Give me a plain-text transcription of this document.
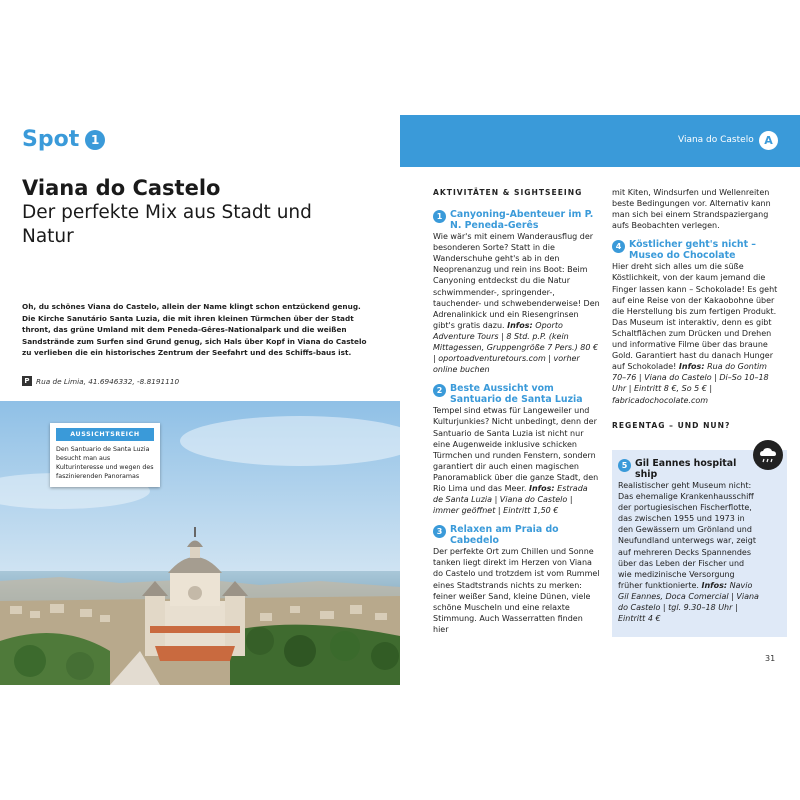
Spot 1
Viana do Castelo
Der perfekte Mix aus Stadt und Natur
Oh, du schönes Viana do Castelo, allein der Name klingt schon entzückend genug. Die Kirche Sanutário Santa Luzia, die mit ihren kleinen Türmchen über der Stadt thront, das grüne Umland mit dem Peneda-Gêres-Nationalpark und die weißen Sandstrände zum Surfen sind Grund genug, sich Hals über Kopf in Viana do Castelo zu verlieben die ein historisches Zentrum der Seefahrt und des Schiffs-baus ist.
P Rua de Limia, 41.6946332, -8.8191110
AUSSICHTSREICH
Den Santuario de Santa Luzia besucht man aus Kulturinteresse und wegen des faszinierenden Panoramas
Viana do Castelo A
AKTIVITÄTEN & SIGHTSEEING
1 Canyoning-Abenteuer im P. N. Peneda-Gerês
Wie wär's mit einem Wanderausflug der besonderen Sorte? Statt in die Wanderschuhe geht's ab in den Neoprenanzug und rein ins Boot: Beim Canyoning entdeckst du die Natur schwimmender-, springender-, tauchender- und schwebenderweise! Den Adrenalinkick und ein Riesengrinsen gibt's gratis dazu. Infos: Oporto Adventure Tours | 8 Std. p.P. (kein Mittagessen, Gruppengröße 7 Pers.) 80 € | oportoadventuretours.com | vorher online buchen
2 Beste Aussicht vom Santuario de Santa Luzia
Tempel sind etwas für Langeweiler und Kulturjunkies? Nicht unbedingt, denn der Santuario de Santa Luzia ist nicht nur eine Augenweide inklusive schicken Türmchen und runden Fenstern, sondern garantiert dir auch einen magischen Panoramablick über die ganze Stadt, den Rio Lima und das Meer. Infos: Estrada de Santa Luzia | Viana do Castelo | immer geöffnet | Eintritt 1,50 €
3 Relaxen am Praia do Cabedelo
Der perfekte Ort zum Chillen und Sonne tanken liegt direkt im Herzen von Viana do Castelo und trotzdem ist vom Rummel eines Stadtstrands nichts zu merken: feiner weißer Sand, kleine Dünen, viele schöne Muscheln und eine relaxte Stimmung. Auch Wasserratten finden hier
mit Kiten, Windsurfen und Wellenreiten beste Bedingungen vor. Alternativ kann man sich bei einem Strandspaziergang aufs Beobachten verlegen.
4 Köstlicher geht's nicht – Museo do Chocolate
Hier dreht sich alles um die süße Köstlichkeit, von der kaum jemand die Finger lassen kann – Schokolade! Es geht auf eine Reise von der Kakaobohne über die Herstellung bis zum fertigen Produkt. Das Museum ist interaktiv, denn es gibt Schaltflächen zum Drücken und Drehen und informative Filme über das braune Gold. Garantiert hast du danach Hunger auf Schokolade! Infos: Rua do Gontim 70–76 | Viana do Castelo | Di–So 10–18 Uhr | Eintritt 8 €, So 5 € | fabricadochocolate.com
REGENTAG – UND NUN?
5 Gil Eannes hospital ship
Realistischer geht Museum nicht: Das ehemalige Krankenhausschiff der portugiesischen Fischerflotte, das zwischen 1955 und 1973 in den Gewässern um Grönland und Neufundland unterwegs war, zeigt auf mehreren Decks Spannendes über das Leben der Fischer und wie medizinische Versorgung früher funktionierte. Infos: Navio Gil Eannes, Doca Comercial | Viana do Castelo | tgl. 9.30–18 Uhr | Eintritt 4 €
31
